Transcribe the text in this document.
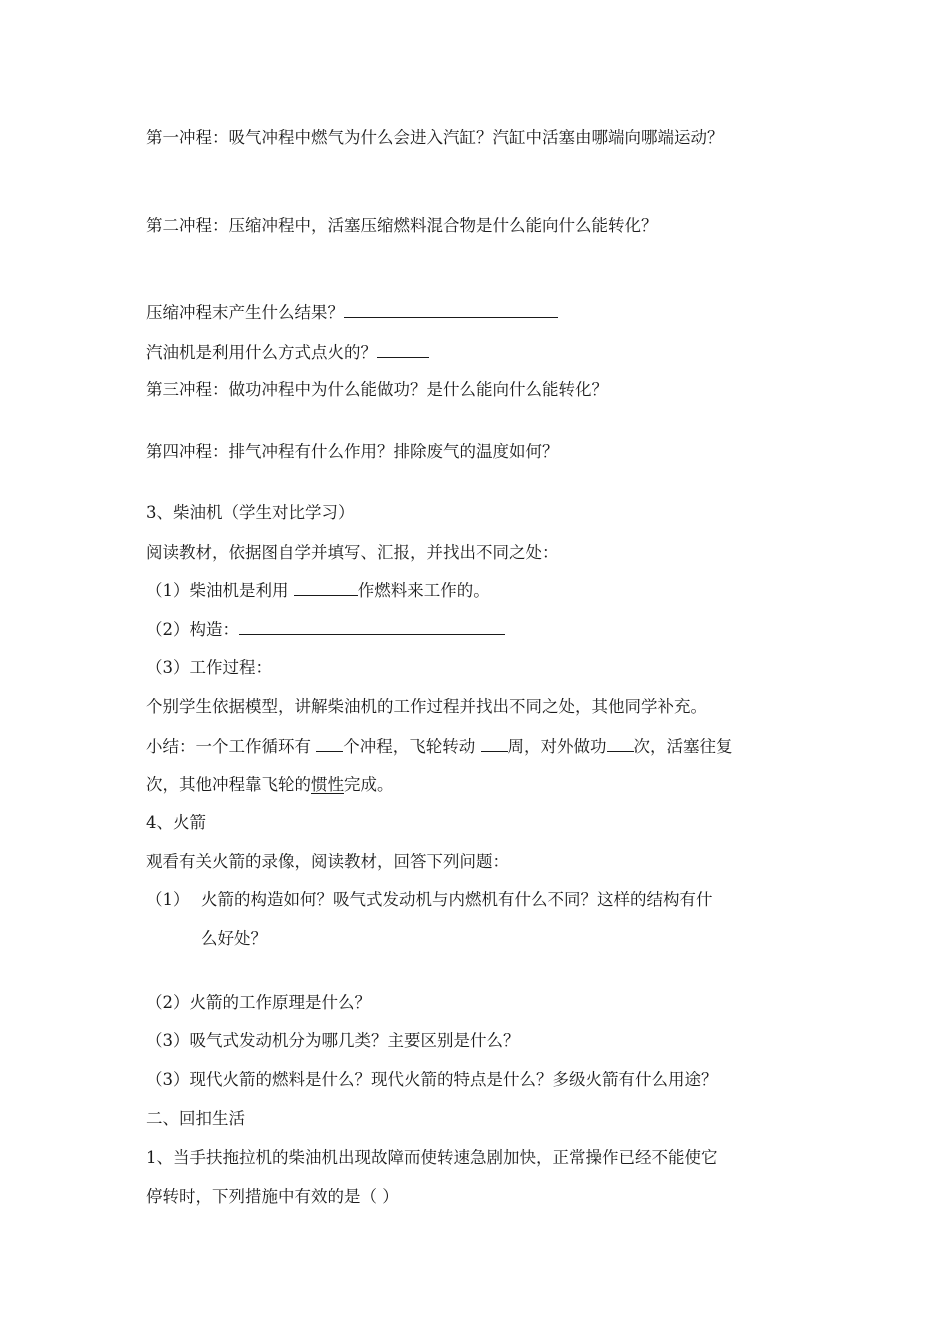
第一冲程：吸气冲程中燃气为什么会进入汽缸？汽缸中活塞由哪端向哪端运动？
第二冲程：压缩冲程中，活塞压缩燃料混合物是什么能向什么能转化？
压缩冲程末产生什么结果？
汽油机是利用什么方式点火的？
第三冲程：做功冲程中为什么能做功？是什么能向什么能转化？
第四冲程：排气冲程有什么作用？排除废气的温度如何？
3、柴油机（学生对比学习）
阅读教材，依据图自学并填写、汇报，并找出不同之处：
（1）柴油机是利用	作燃料来工作的。
（2）构造：
（3）工作过程：
个别学生依据模型，讲解柴油机的工作过程并找出不同之处，其他同学补充。
小结：一个工作循环有 个冲程，飞轮转动 周，对外做功 次，活塞往复
次，其他冲程靠飞轮的惯性完成。
4、火箭
观看有关火箭的录像，阅读教材，回答下列问题：
（1） 火箭的构造如何？吸气式发动机与内燃机有什么不同？这样的结构有什
么好处？
（2）火箭的工作原理是什么？
（3）吸气式发动机分为哪几类？主要区别是什么？
（3）现代火箭的燃料是什么？现代火箭的特点是什么？多级火箭有什么用途？
二、回扣生活
1、当手扶拖拉机的柴油机出现故障而使转速急剧加快，正常操作已经不能使它
停转时，下列措施中有效的是（ ）
